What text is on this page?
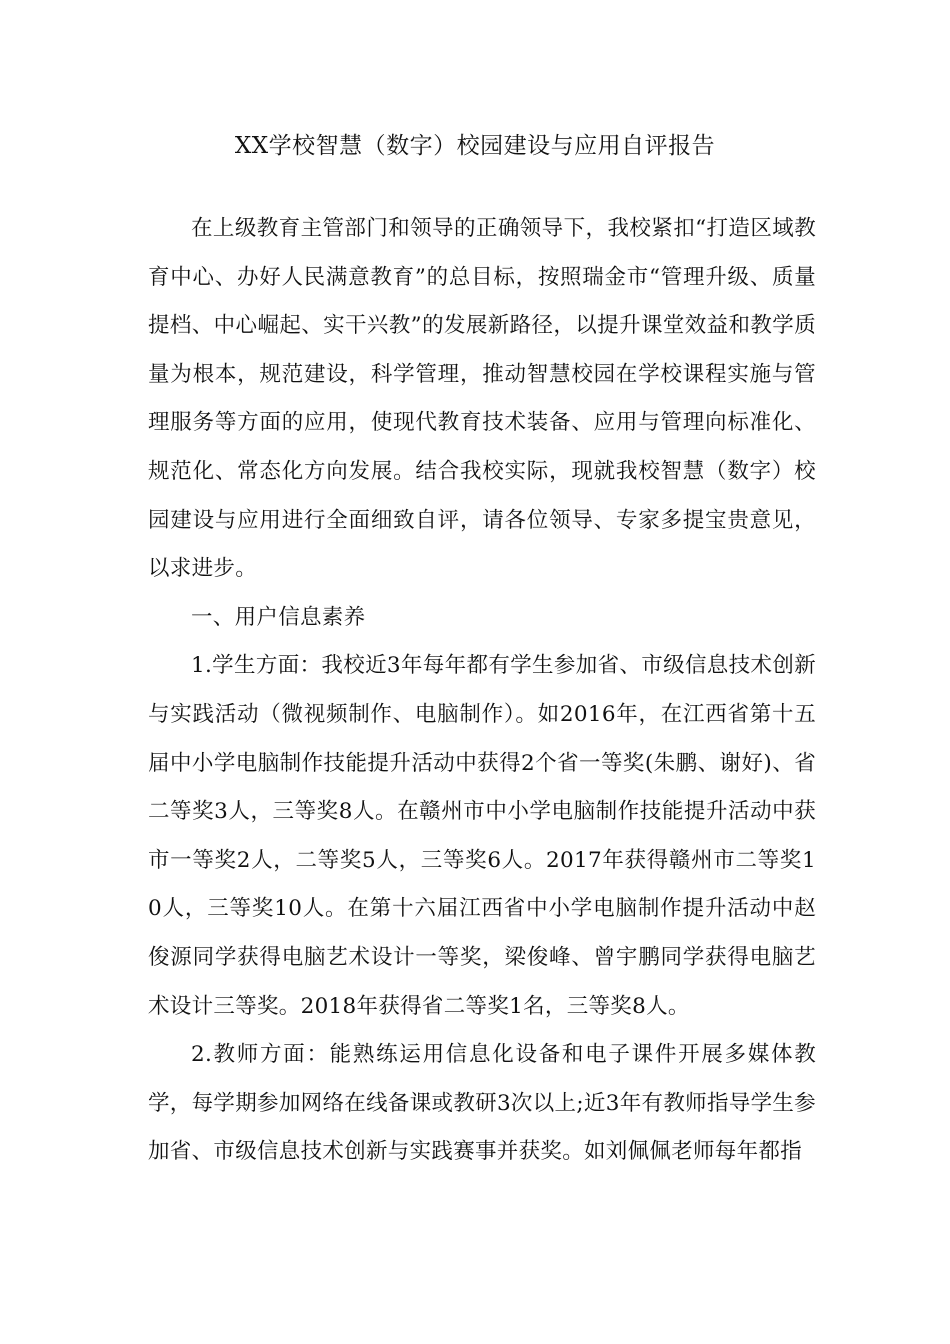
XX学校智慧（数字）校园建设与应用自评报告

在上级教育主管部门和领导的正确领导下，我校紧扣“打造区域教育中心、办好人民满意教育”的总目标，按照瑞金市“管理升级、质量提档、中心崛起、实干兴教”的发展新路径，以提升课堂效益和教学质量为根本，规范建设，科学管理，推动智慧校园在学校课程实施与管理服务等方面的应用，使现代教育技术装备、应用与管理向标准化、规范化、常态化方向发展。结合我校实际，现就我校智慧（数字）校园建设与应用进行全面细致自评，请各位领导、专家多提宝贵意见，以求进步。

一、用户信息素养

1.学生方面：我校近3年每年都有学生参加省、市级信息技术创新与实践活动（微视频制作、电脑制作）。如2016年，在江西省第十五届中小学电脑制作技能提升活动中获得2个省一等奖(朱鹏、谢好)、省二等奖3人，三等奖8人。在赣州市中小学电脑制作技能提升活动中获市一等奖2人，二等奖5人，三等奖6人。2017年获得赣州市二等奖10人，三等奖10人。在第十六届江西省中小学电脑制作提升活动中赵俊源同学获得电脑艺术设计一等奖，梁俊峰、曾宇鹏同学获得电脑艺术设计三等奖。2018年获得省二等奖1名，三等奖8人。

2.教师方面：能熟练运用信息化设备和电子课件开展多媒体教学，每学期参加网络在线备课或教研3次以上;近3年有教师指导学生参加省、市级信息技术创新与实践赛事并获奖。如刘佩佩老师每年都指
